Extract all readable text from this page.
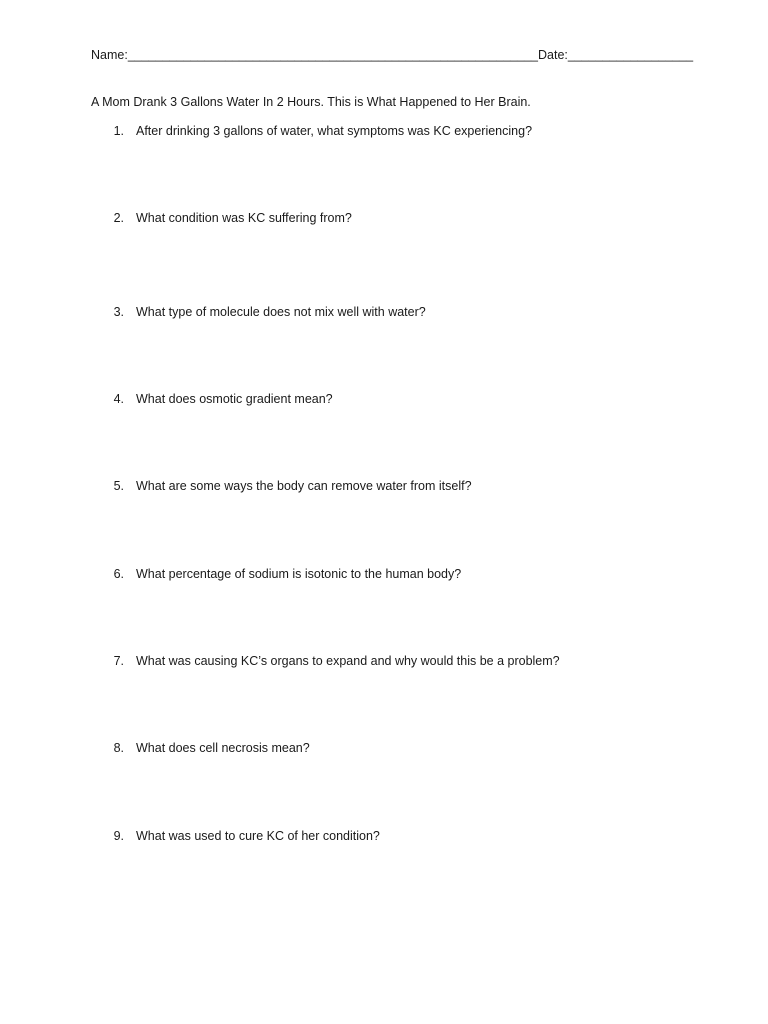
Name:___________________________________________________________Date:__________________
A Mom Drank 3 Gallons Water In 2 Hours. This is What Happened to Her Brain.
1. After drinking 3 gallons of water, what symptoms was KC experiencing?
2. What condition was KC suffering from?
3. What type of molecule does not mix well with water?
4. What does osmotic gradient mean?
5. What are some ways the body can remove water from itself?
6. What percentage of sodium is isotonic to the human body?
7. What was causing KC’s organs to expand and why would this be a problem?
8. What does cell necrosis mean?
9. What was used to cure KC of her condition?
